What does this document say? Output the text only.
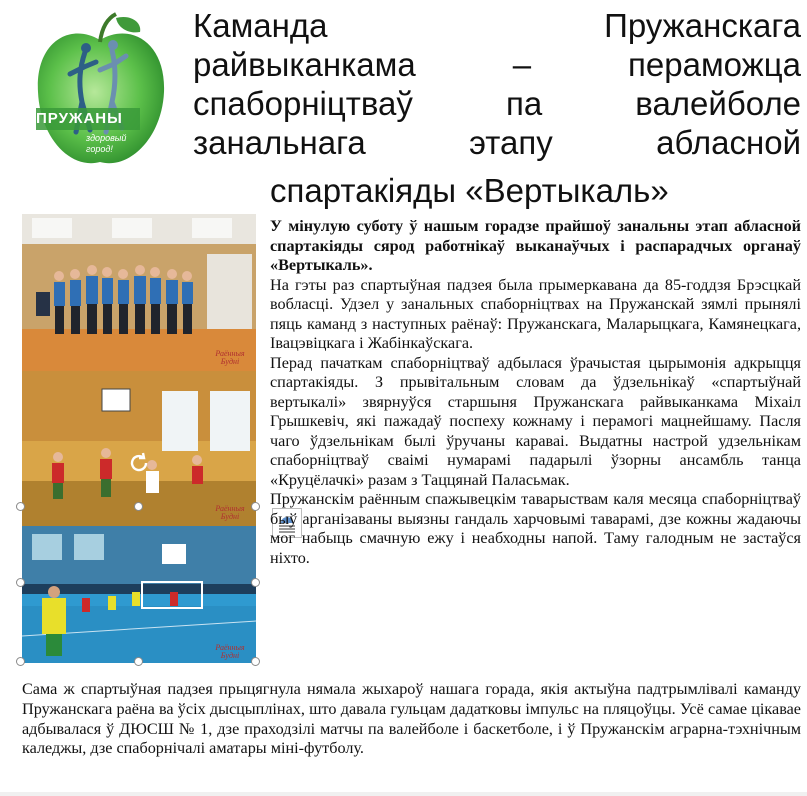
ПРУЖАНЫ
здоровый город!
Каманда	Пружанскага
райвыканкама	–	пераможца
спаборніцтваў	па	валейболе
занальнага	этапу	абласной
спартакіяды «Вертыкаль»
Раённыя Будні
Раённыя Будні
Раённыя Будні

У мінулую суботу ў нашым горадзе прайшоў занальны этап абласной спартакіяды сярод работнікаў выканаўчых і распарадчых органаў «Вертыкаль».

На гэты раз спартыўная падзея была прымеркавана да 85-годдзя Брэсцкай вобласці. Удзел у занальных спаборніцтвах на Пружанскай зямлі прынялі пяць каманд з наступных раёнаў: Пружанскага, Маларыцкага, Камянецкага, Івацэвіцкага і Жабінкаўскага.

Перад пачаткам спаборніцтваў адбылася ўрачыстая цырымонія адкрыцця спартакіяды. З прывітальным словам да ўдзельнікаў «спартыўнай вертыкалі» звярнуўся старшыня Пружанскага райвыканкама Міхаіл Грышкевіч, які пажадаў поспеху кожнаму і перамогі мацнейшаму. Пасля чаго ўдзельнікам былі ўручаны караваі. Выдатны настрой удзельнікам спаборніцтваў сваімі нумарамі падарылі ўзорны ансамбль танца «Круцёлачкі» разам з Таццянай Паласьмак.

Пружанскім раённым спажывецкім таварыствам каля месяца спаборніцтваў быў арганізаваны выязны гандаль харчовымі таварамі, дзе кожны жадаючы мог набыць смачную ежу і неабходны напой. Таму галодным не застаўся ніхто.

Сама ж спартыўная падзея прыцягнула нямала жыхароў нашага горада, якія актыўна падтрымлівалі каманду Пружанскага раёна ва ўсіх дысцыплінах, што давала гульцам дадатковы імпульс на пляцоўцы. Усё самае цікавае адбывалася ў ДЮСШ № 1, дзе праходзілі матчы па валейболе і баскетболе, і ў Пружанскім аграрна-тэхнічным каледжы, дзе спаборнічалі аматары міні-футболу.
